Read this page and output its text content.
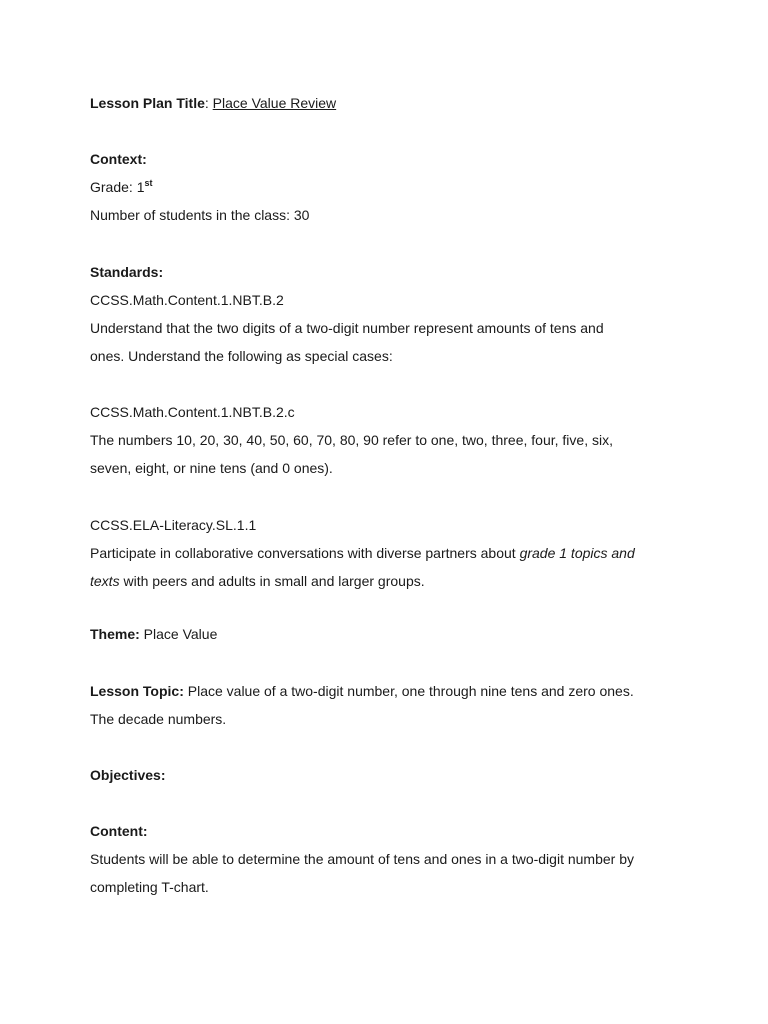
Lesson Plan Title: Place Value Review
Context:
Grade: 1st
Number of students in the class: 30
Standards:
CCSS.Math.Content.1.NBT.B.2
Understand that the two digits of a two-digit number represent amounts of tens and
ones. Understand the following as special cases:
CCSS.Math.Content.1.NBT.B.2.c
The numbers 10, 20, 30, 40, 50, 60, 70, 80, 90 refer to one, two, three, four, five, six,
seven, eight, or nine tens (and 0 ones).
CCSS.ELA-Literacy.SL.1.1
Participate in collaborative conversations with diverse partners about grade 1 topics and
texts with peers and adults in small and larger groups.
Theme: Place Value
Lesson Topic: Place value of a two-digit number, one through nine tens and zero ones.
The decade numbers.
Objectives:
Content:
Students will be able to determine the amount of tens and ones in a two-digit number by
completing T-chart.
